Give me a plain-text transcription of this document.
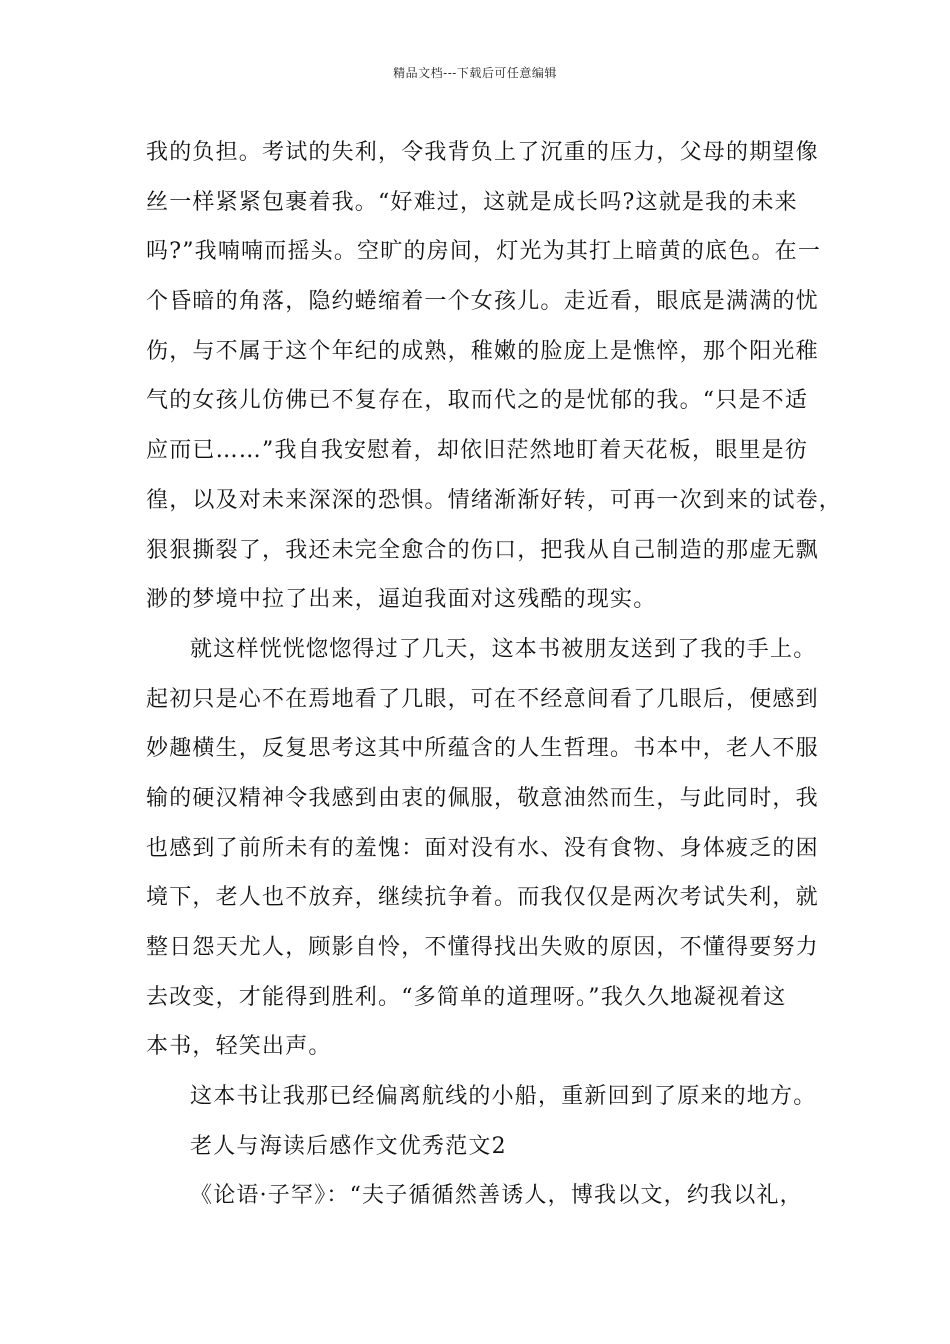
精品文档---下载后可任意编辑
我的负担。考试的失利，令我背负上了沉重的压力，父母的期望像
丝一样紧紧包裹着我。“好难过，这就是成长吗?这就是我的未来
吗?”我喃喃而摇头。空旷的房间，灯光为其打上暗黄的底色。在一
个昏暗的角落，隐约蜷缩着一个女孩儿。走近看，眼底是满满的忧
伤，与不属于这个年纪的成熟，稚嫩的脸庞上是憔悴，那个阳光稚
气的女孩儿仿佛已不复存在，取而代之的是忧郁的我。“只是不适
应而已……”我自我安慰着，却依旧茫然地盯着天花板，眼里是彷
徨，以及对未来深深的恐惧。情绪渐渐好转，可再一次到来的试卷，
狠狠撕裂了，我还未完全愈合的伤口，把我从自己制造的那虚无飘
渺的梦境中拉了出来，逼迫我面对这残酷的现实。
就这样恍恍惚惚得过了几天，这本书被朋友送到了我的手上。
起初只是心不在焉地看了几眼，可在不经意间看了几眼后，便感到
妙趣横生，反复思考这其中所蕴含的人生哲理。书本中，老人不服
输的硬汉精神令我感到由衷的佩服，敬意油然而生，与此同时，我
也感到了前所未有的羞愧：面对没有水、没有食物、身体疲乏的困
境下，老人也不放弃，继续抗争着。而我仅仅是两次考试失利，就
整日怨天尤人，顾影自怜，不懂得找出失败的原因，不懂得要努力
去改变，才能得到胜利。“多简单的道理呀。”我久久地凝视着这
本书，轻笑出声。
这本书让我那已经偏离航线的小船，重新回到了原来的地方。
老人与海读后感作文优秀范文2
《论语·子罕》：“夫子循循然善诱人，博我以文，约我以礼，
